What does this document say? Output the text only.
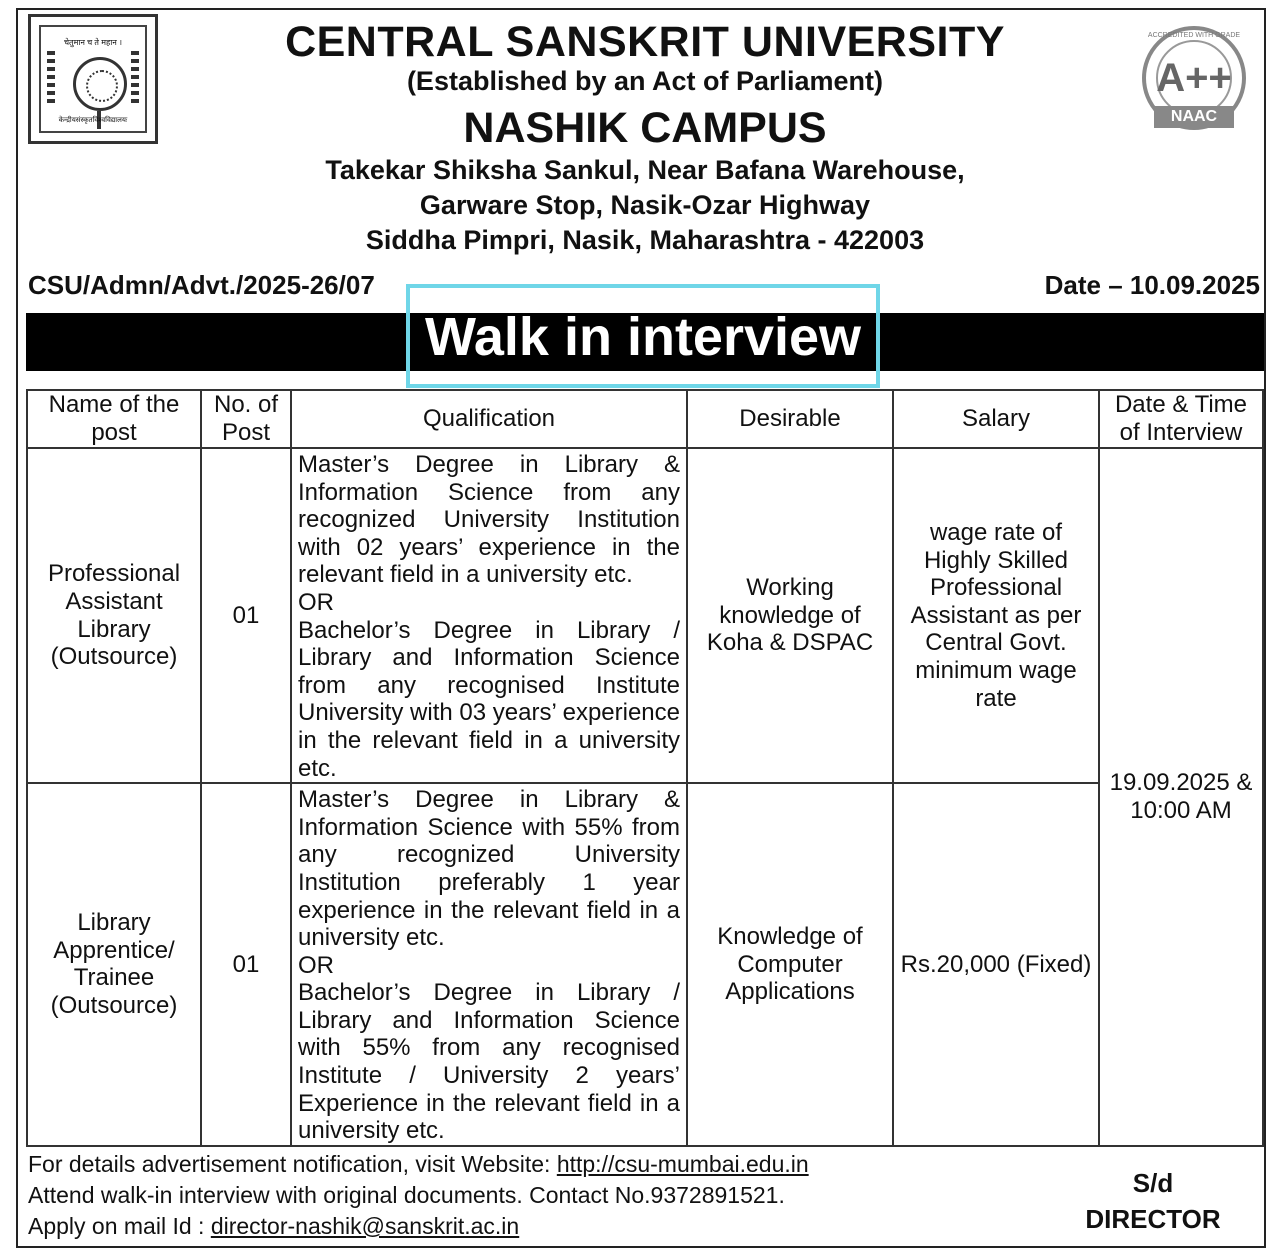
चेतुमान च ते महान ।
केन्द्रीयसंस्कृतविश्वविद्यालयः
ACCREDITED WITH GRADE
A++
NAAC
CENTRAL SANSKRIT UNIVERSITY
(Established by an Act of Parliament)
NASHIK CAMPUS
Takekar Shiksha Sankul, Near Bafana Warehouse,
Garware Stop, Nasik-Ozar Highway
Siddha Pimpri, Nasik, Maharashtra - 422003
CSU/Admn/Advt./2025-26/07	Date – 10.09.2025
Walk in interview
Name of the post	No. of Post	Qualification	Desirable	Salary	Date & Time of Interview
Professional Assistant Library (Outsource)	01	Master’s Degree in Library & Information Science from any recognized University Institution with 02 years’ experience in the relevant field in a university etc.
OR
Bachelor’s Degree in Library / Library and Information Science from any recognised Institute University with 03 years’ experience in the relevant field in a university etc.	Working knowledge of Koha & DSPAC	wage rate of Highly Skilled Professional Assistant as per Central Govt. minimum wage rate	19.09.2025 & 10:00 AM
Library Apprentice/ Trainee (Outsource)	01	Master’s Degree in Library & Information Science with 55% from any recognized University Institution preferably 1 year experience in the relevant field in a university etc.
OR
Bachelor’s Degree in Library / Library and Information Science with 55% from any recognised Institute / University 2 years’ Experience in the relevant field in a university etc.	Knowledge of Computer Applications	Rs.20,000 (Fixed)	
For details advertisement notification, visit Website: http://csu-mumbai.edu.in
Attend walk-in interview with original documents. Contact No.9372891521.
Apply on mail Id : director-nashik@sanskrit.ac.in
S/d
DIRECTOR
